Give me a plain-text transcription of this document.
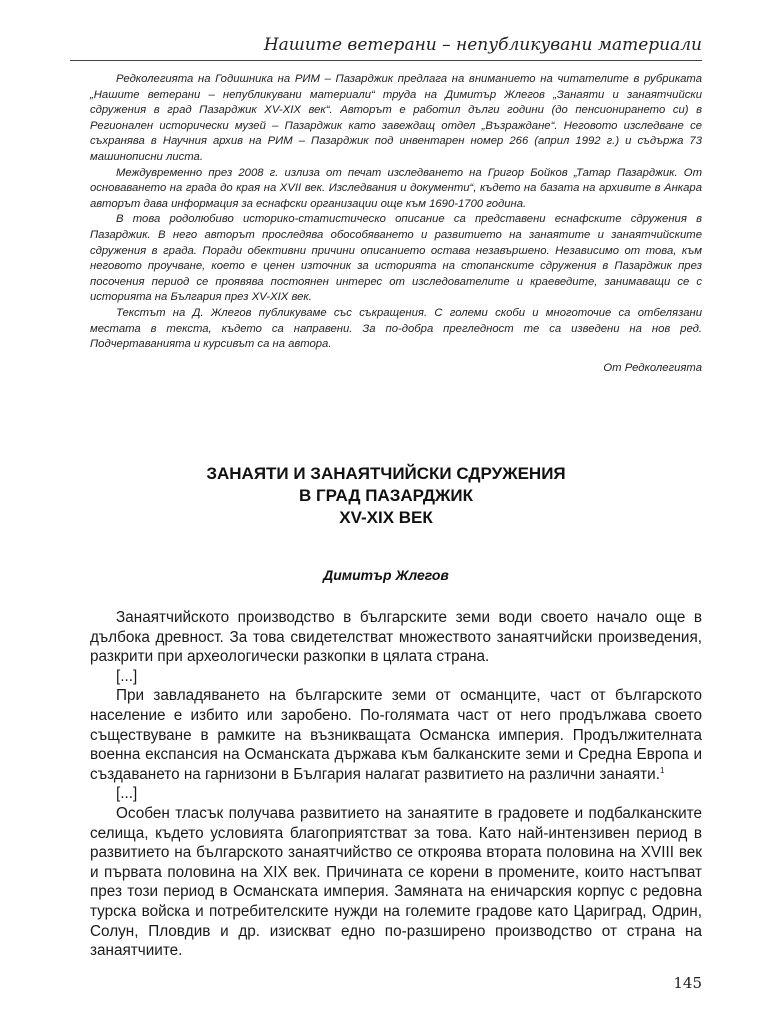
Нашите ветерани – непубликувани материали

Редколегията на Годишника на РИМ – Пазарджик предлага на вниманието на читателите в рубриката „Нашите ветерани – непубликувани материали“ труда на Димитър Жлегов „Занаяти и занаятчийски сдружения в град Пазарджик XV-XIX век“. Авторът е работил дълги години (до пенсионирането си) в Регионален исторически музей – Пазарджик като завеждащ отдел „Възраждане“. Неговото изследване се съхранява в Научния архив на РИМ – Пазарджик под инвентарен номер 266 (април 1992 г.) и съдържа 73 машинописни листа.

Междувременно през 2008 г. излиза от печат изследването на Григор Бойков „Татар Пазарджик. От основаването на града до края на XVII век. Изследвания и документи“, където на базата на архивите в Анкара авторът дава информация за еснафски организации още към 1690-1700 година.

В това родолюбиво историко-статистическо описание са представени еснафските сдружения в Пазарджик. В него авторът проследява обособяването и развитието на занаятите и занаятчийските сдружения в града. Поради обективни причини описанието остава незавършено. Независимо от това, към неговото проучване, което е ценен източник за историята на стопанските сдружения в Пазарджик през посочения период се проявява постоянен интерес от изследователите и краеведите, занимаващи се с историята на България през XV-XIX век.

Текстът на Д. Жлегов публикуваме със съкращения. С големи скоби и многоточие са отбелязани местата в текста, където са направени. За по-добра прегледност те са изведени на нов ред. Подчертаванията и курсивът са на автора.

От Редколегията
ЗАНАЯТИ И ЗАНАЯТЧИЙСКИ СДРУЖЕНИЯ
В ГРАД ПАЗАРДЖИК
XV-XIX ВЕК
Димитър Жлегов

Занаятчийското производство в българските земи води своето начало още в дълбока древност. За това свидетелстват множеството занаятчийски произведения, разкрити при археологически разкопки в цялата страна.

[...]

При завладяването на българските земи от османците, част от българското население е избито или заробено. По-голямата част от него продължава своето съществуване в рамките на възникващата Османска империя. Продължителната военна експансия на Османската държава към балканските земи и Средна Европа и създаването на гарнизони в България налагат развитието на различни занаяти.$^1$

[...]

Особен тласък получава развитието на занаятите в градовете и подбалканските селища, където условията благоприятстват за това. Като най-интензивен период в развитието на българското занаятчийство се откроява втората половина на XVIII век и първата половина на XIX век. Причината се корени в промените, които настъпват през този период в Османската империя. Замяната на еничарския корпус с редовна турска войска и потребителските нужди на големите градове като Цариград, Одрин, Солун, Пловдив и др. изискват едно по-разширено производство от страна на занаятчиите.

145
